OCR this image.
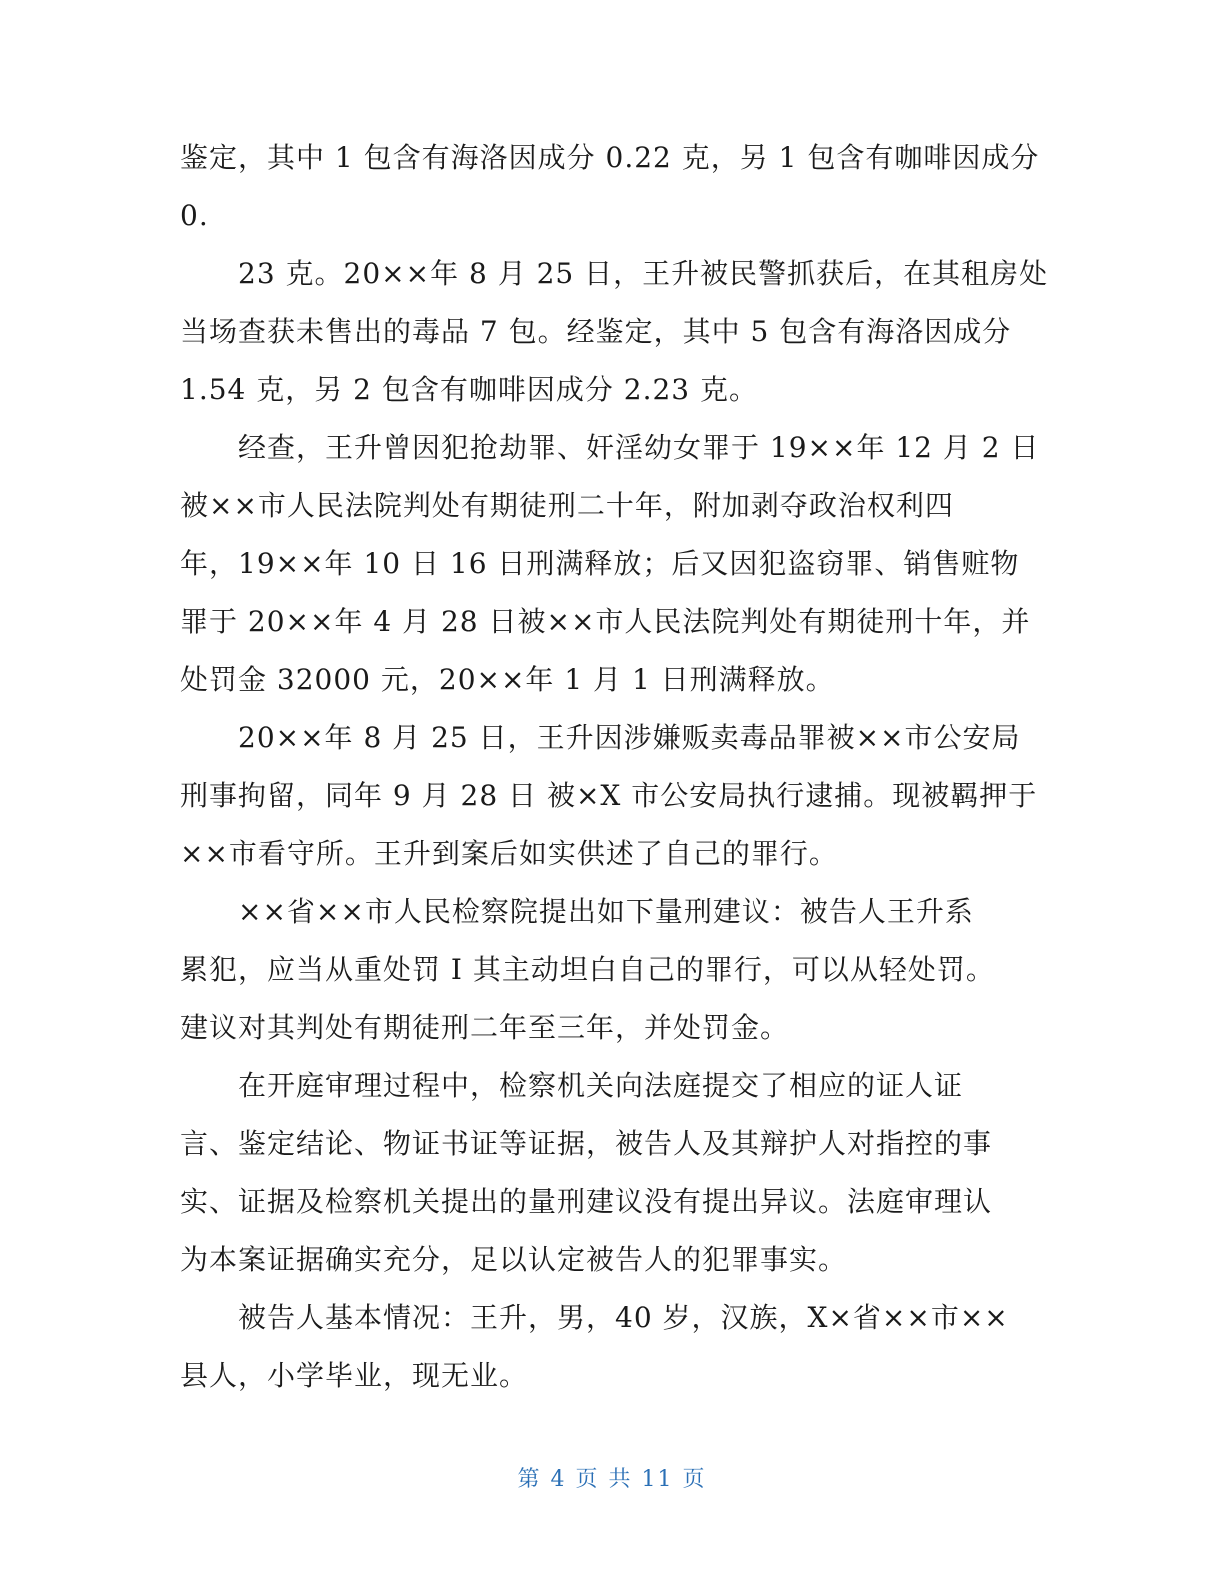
鉴定，其中 1 包含有海洛因成分 0.22 克，另 1 包含有咖啡因成分
0.
23 克。20××年 8 月 25 日，王升被民警抓获后，在其租房处
当场查获未售出的毒品 7 包。经鉴定，其中 5 包含有海洛因成分
1.54 克，另 2 包含有咖啡因成分 2.23 克。
经查，王升曾因犯抢劫罪、奸淫幼女罪于 19××年 12 月 2 日
被××市人民法院判处有期徒刑二十年，附加剥夺政治权利四
年，19××年 10 日 16 日刑满释放；后又因犯盗窃罪、销售赃物
罪于 20××年 4 月 28 日被××市人民法院判处有期徒刑十年，并
处罚金 32000 元，20××年 1 月 1 日刑满释放。
20××年 8 月 25 日，王升因涉嫌贩卖毒品罪被××市公安局
刑事拘留，同年 9 月 28 日 被×X 市公安局执行逮捕。现被羁押于
××市看守所。王升到案后如实供述了自己的罪行。
××省××市人民检察院提出如下量刑建议：被告人王升系
累犯，应当从重处罚 I 其主动坦白自己的罪行，可以从轻处罚。
建议对其判处有期徒刑二年至三年，并处罚金。
在开庭审理过程中，检察机关向法庭提交了相应的证人证
言、鉴定结论、物证书证等证据，被告人及其辩护人对指控的事
实、证据及检察机关提出的量刑建议没有提出异议。法庭审理认
为本案证据确实充分，足以认定被告人的犯罪事实。
被告人基本情况：王升，男，40 岁，汉族，X×省××市××
县人，小学毕业，现无业。
第 4 页 共 11 页
